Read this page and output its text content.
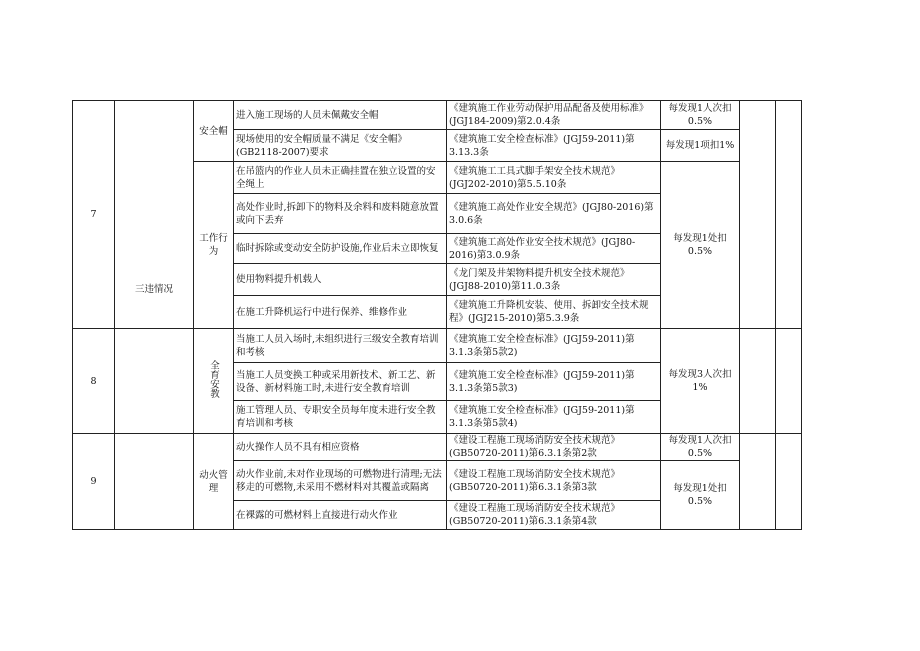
7	三违情况	安全帽	进入施工现场的人员未佩戴安全帽	《建筑施工作业劳动保护用品配备及使用标准》(JGJ184-2009)第2.0.4条	每发现1人次扣0.5%		
			现场使用的安全帽质量不满足《安全帽》(GB2118-2007)要求	《建筑施工安全检查标准》(JGJ59-2011)第3.13.3条	每发现1项扣1%		
		工作行为	在吊篮内的作业人员未正确挂置在独立设置的安全绳上	《建筑施工工具式脚手架安全技术规范》(JGJ202-2010)第5.5.10条	每发现1处扣0.5%		
			高处作业时,拆卸下的物料及余料和废料随意放置或向下丢弃	《建筑施工高处作业安全规范》(JGJ80-2016)第3.0.6条			
			临时拆除或变动安全防护设施,作业后未立即恢复	《建筑施工高处作业安全技术规范》(JGJ80-2016)第3.0.9条			
			使用物料提升机载人	《龙门架及井架物料提升机安全技术规范》(JGJ88-2010)第11.0.3条			
			在施工升降机运行中进行保养、维修作业	《建筑施工升降机安装、使用、拆卸安全技术规程》(JGJ215-2010)第5.3.9条			
8		全育安教	当施工人员入场时,未组织进行三级安全教育培训和考核	《建筑施工安全检查标准》(JGJ59-2011)第3.1.3条第5款2)	每发现3人次扣1%		
			当施工人员变换工种或采用新技术、新工艺、新设备、新材料施工时,未进行安全教育培训	《建筑施工安全检查标准》(JGJ59-2011)第3.1.3条第5款3)			
			施工管理人员、专职安全员每年度未进行安全教育培训和考核	《建筑施工安全检查标准》(JGJ59-2011)第3.1.3条第5款4)			
9		动火管理	动火操作人员不具有相应资格	《建设工程施工现场消防安全技术规范》(GB50720-2011)第6.3.1条第2款	每发现1人次扣0.5%		
			动火作业前,未对作业现场的可燃物进行清理;无法移走的可燃物,未采用不燃材料对其覆盖或隔离	《建设工程施工现场消防安全技术规范》(GB50720-2011)第6.3.1条第3款	每发现1处扣0.5%		
			在裸露的可燃材料上直接进行动火作业	《建设工程施工现场消防安全技术规范》(GB50720-2011)第6.3.1条第4款			
